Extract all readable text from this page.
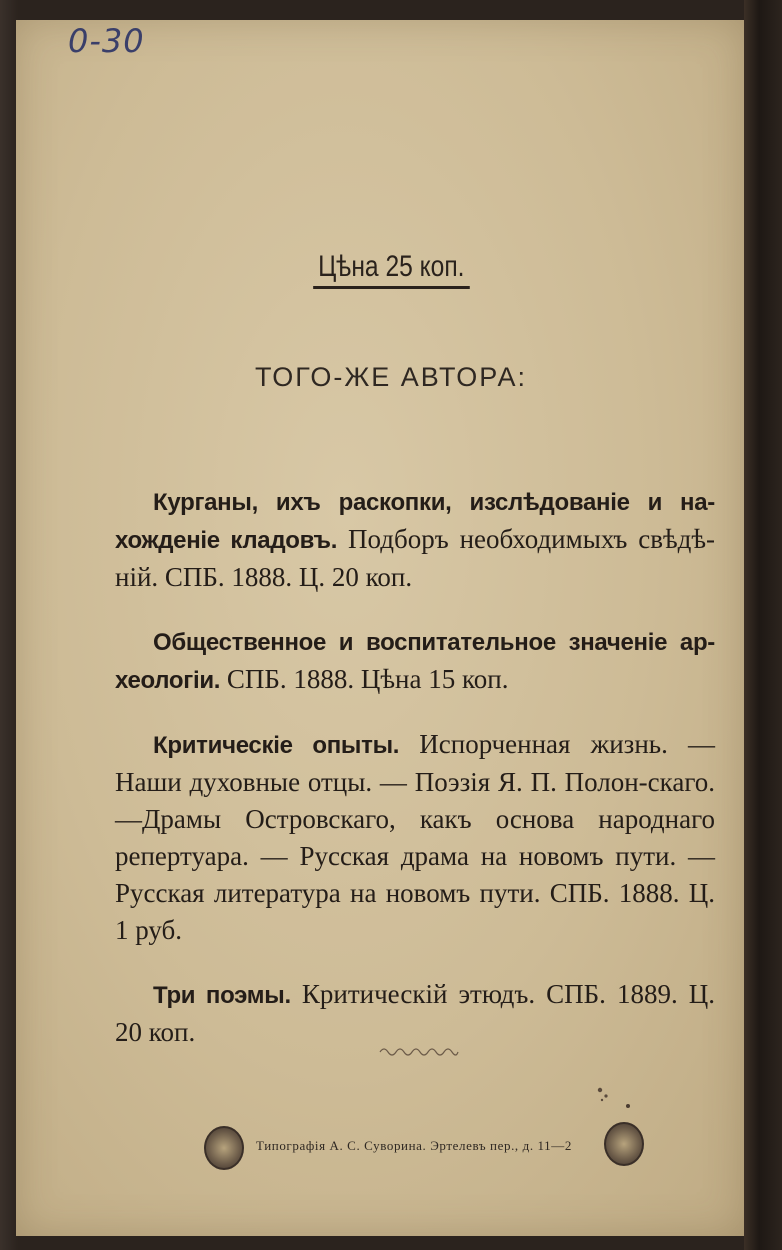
0-30
Цѣна 25 коп.
ТОГО-ЖЕ АВТОРА:

Курганы, ихъ раскопки, изслѣдованіе и на-хожденіе кладовъ. Подборъ необходимыхъ свѣдѣ-ній. СПБ. 1888. Ц. 20 коп.

Общественное и воспитательное значеніе ар-хеологіи. СПБ. 1888. Цѣна 15 коп.

Критическіе опыты. Испорченная жизнь. — Наши духовные отцы. — Поэзія Я. П. Полон-скаго.—Драмы Островскаго, какъ основа народнаго репертуара. — Русская драма на новомъ пути. — Русская литература на новомъ пути. СПБ. 1888. Ц. 1 руб.

Три поэмы. Критическій этюдъ. СПБ. 1889. Ц. 20 коп.

Типографія А. С. Суворина. Эртелевъ пер., д. 11—2
